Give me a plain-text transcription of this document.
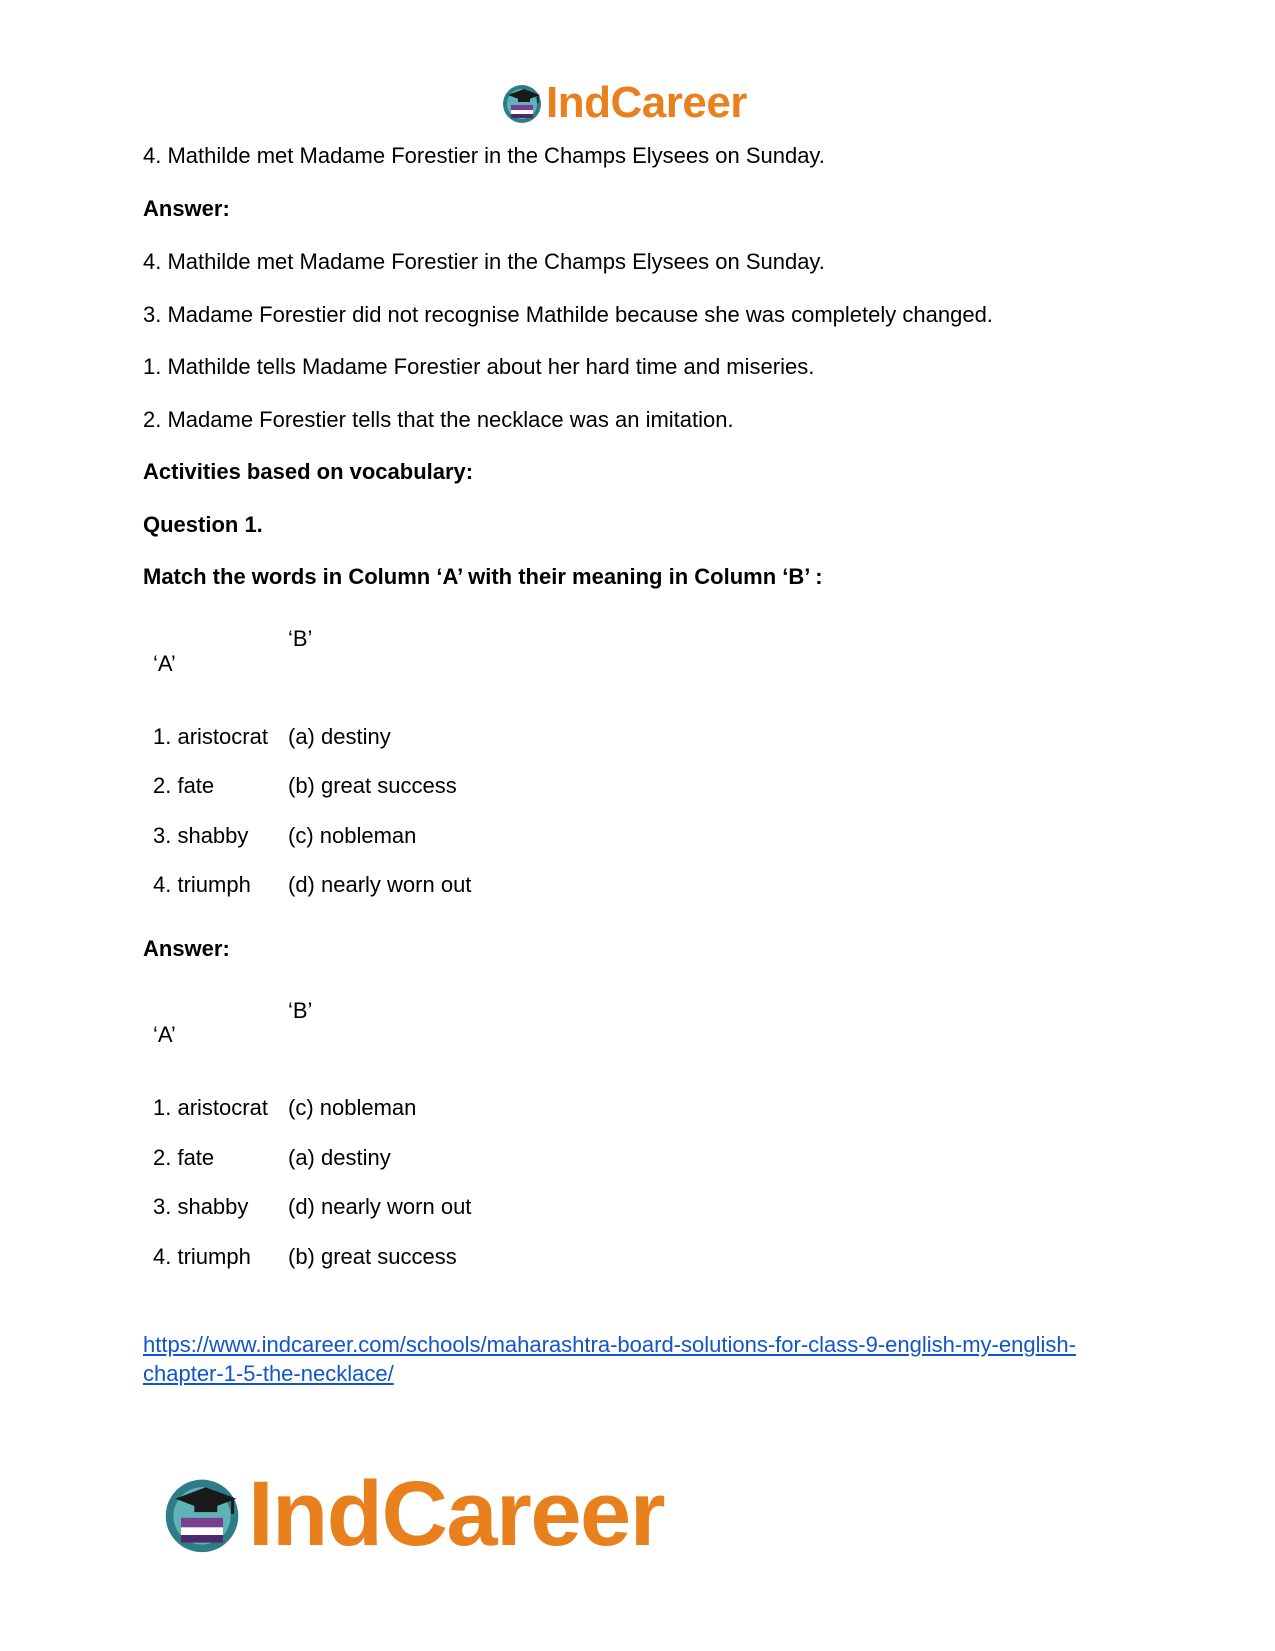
IndCareer
4. Mathilde met Madame Forestier in the Champs Elysees on Sunday.
Answer:
4. Mathilde met Madame Forestier in the Champs Elysees on Sunday.
3. Madame Forestier did not recognise Mathilde because she was completely changed.
1. Mathilde tells Madame Forestier about her hard time and miseries.
2. Madame Forestier tells that the necklace was an imitation.
Activities based on vocabulary:
Question 1.
Match the words in Column ‘A’ with their meaning in Column ‘B’ :
‘B’
‘A’
1. aristocrat (a) destiny
2. fate	(b) great success
3. shabby (c) nobleman
4. triumph (d) nearly worn out
Answer:
‘B’
‘A’
1. aristocrat (c) nobleman
2. fate	(a) destiny
3. shabby (d) nearly worn out
4. triumph (b) great success
https://www.indcareer.com/schools/maharashtra-board-solutions-for-class-9-english-my-english-
chapter-1-5-the-necklace/
IndCareer
